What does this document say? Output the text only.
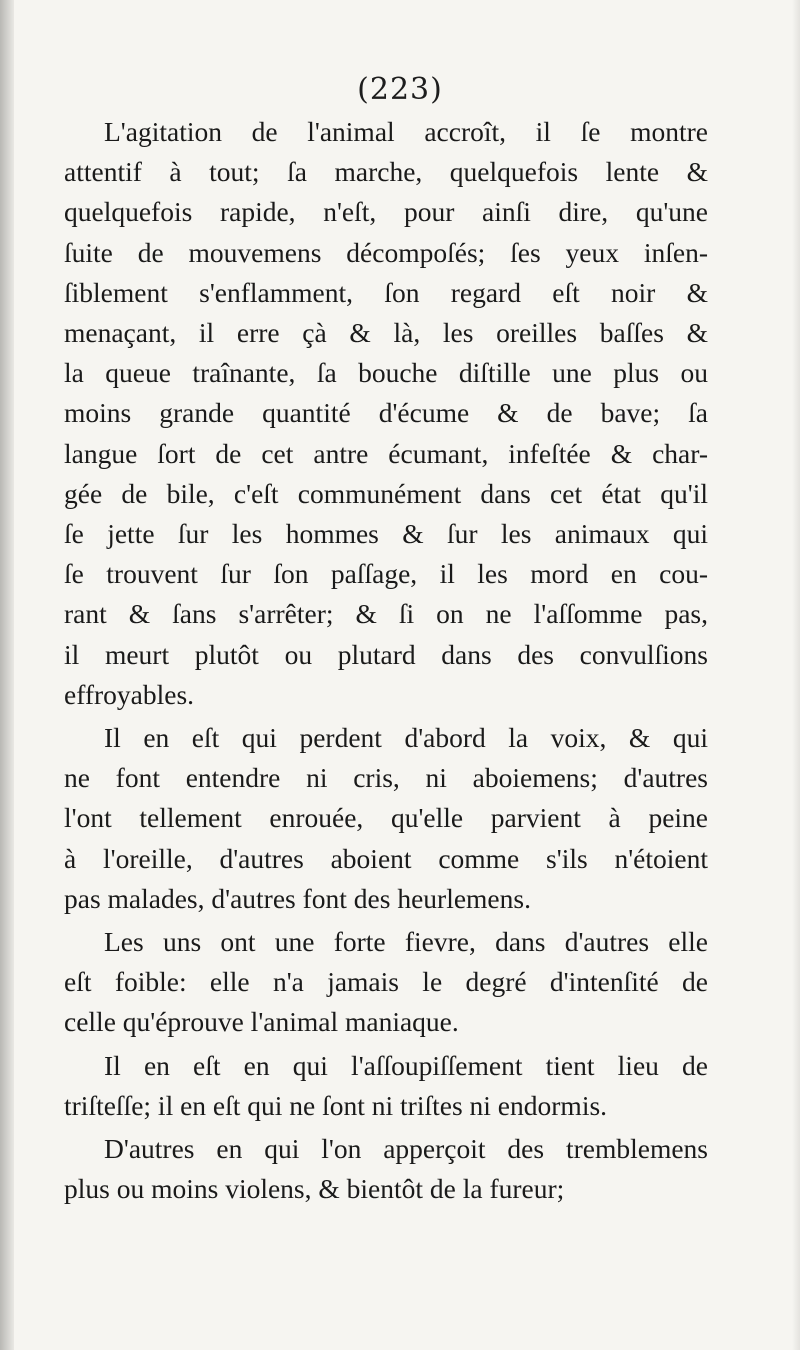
(223)
L'agitation de l'animal accroît, il ſe montre
attentif à tout; ſa marche, quelquefois lente &
quelquefois rapide, n'eſt, pour ainſi dire, qu'une
ſuite de mouvemens décompoſés; ſes yeux inſen-
ſiblement s'enflamment, ſon regard eſt noir &
menaçant, il erre çà & là, les oreilles baſſes &
la queue traînante, ſa bouche diſtille une plus ou
moins grande quantité d'écume & de bave; ſa
langue ſort de cet antre écumant, infeſtée & char-
gée de bile, c'eſt communément dans cet état qu'il
ſe jette ſur les hommes & ſur les animaux qui
ſe trouvent ſur ſon paſſage, il les mord en cou-
rant & ſans s'arrêter; & ſi on ne l'aſſomme pas,
il meurt plutôt ou plutard dans des convulſions
effroyables.
Il en eſt qui perdent d'abord la voix, & qui
ne font entendre ni cris, ni aboiemens; d'autres
l'ont tellement enrouée, qu'elle parvient à peine
à l'oreille, d'autres aboient comme s'ils n'étoient
pas malades, d'autres font des heurlemens.
Les uns ont une forte fievre, dans d'autres elle
eſt foible: elle n'a jamais le degré d'intenſité de
celle qu'éprouve l'animal maniaque.
Il en eſt en qui l'aſſoupiſſement tient lieu de
triſteſſe; il en eſt qui ne ſont ni triſtes ni endormis.
D'autres en qui l'on apperçoit des tremblemens
plus ou moins violens, & bientôt de la fureur;
